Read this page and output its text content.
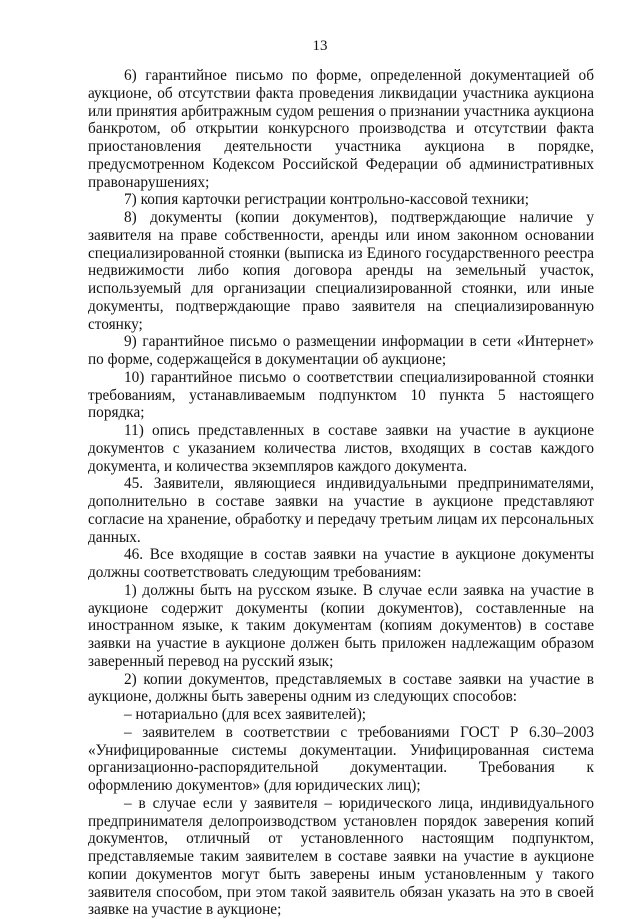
13

6) гарантийное письмо по форме, определенной документацией об аукционе, об отсутствии факта проведения ликвидации участника аукциона или принятия арбитражным судом решения о признании участника аукциона банкротом, об открытии конкурсного производства и отсутствии факта приостановления деятельности участника аукциона в порядке, предусмотренном Кодексом Российской Федерации об административных правонарушениях;

7) копия карточки регистрации контрольно-кассовой техники;

8) документы (копии документов), подтверждающие наличие у заявителя на праве собственности, аренды или ином законном основании специализированной стоянки (выписка из Единого государственного реестра недвижимости либо копия договора аренды на земельный участок, используемый для организации специализированной стоянки, или иные документы, подтверждающие право заявителя на специализированную стоянку;

9) гарантийное письмо о размещении информации в сети «Интернет» по форме, содержащейся в документации об аукционе;

10) гарантийное письмо о соответствии специализированной стоянки требованиям, устанавливаемым подпунктом 10 пункта 5 настоящего порядка;

11) опись представленных в составе заявки на участие в аукционе документов с указанием количества листов, входящих в состав каждого документа, и количества экземпляров каждого документа.

45. Заявители, являющиеся индивидуальными предпринимателями, дополнительно в составе заявки на участие в аукционе представляют согласие на хранение, обработку и передачу третьим лицам их персональных данных.

46. Все входящие в состав заявки на участие в аукционе документы должны соответствовать следующим требованиям:

1) должны быть на русском языке. В случае если заявка на участие в аукционе содержит документы (копии документов), составленные на иностранном языке, к таким документам (копиям документов) в составе заявки на участие в аукционе должен быть приложен надлежащим образом заверенный перевод на русский язык;

2) копии документов, представляемых в составе заявки на участие в аукционе, должны быть заверены одним из следующих способов:

– нотариально (для всех заявителей);

– заявителем в соответствии с требованиями ГОСТ Р 6.30–2003 «Унифицированные системы документации. Унифицированная система организационно-распорядительной документации. Требования к оформлению документов» (для юридических лиц);

– в случае если у заявителя – юридического лица, индивидуального предпринимателя делопроизводством установлен порядок заверения копий документов, отличный от установленного настоящим подпунктом, представляемые таким заявителем в составе заявки на участие в аукционе копии документов могут быть заверены иным установленным у такого заявителя способом, при этом такой заявитель обязан указать на это в своей заявке на участие в аукционе;
